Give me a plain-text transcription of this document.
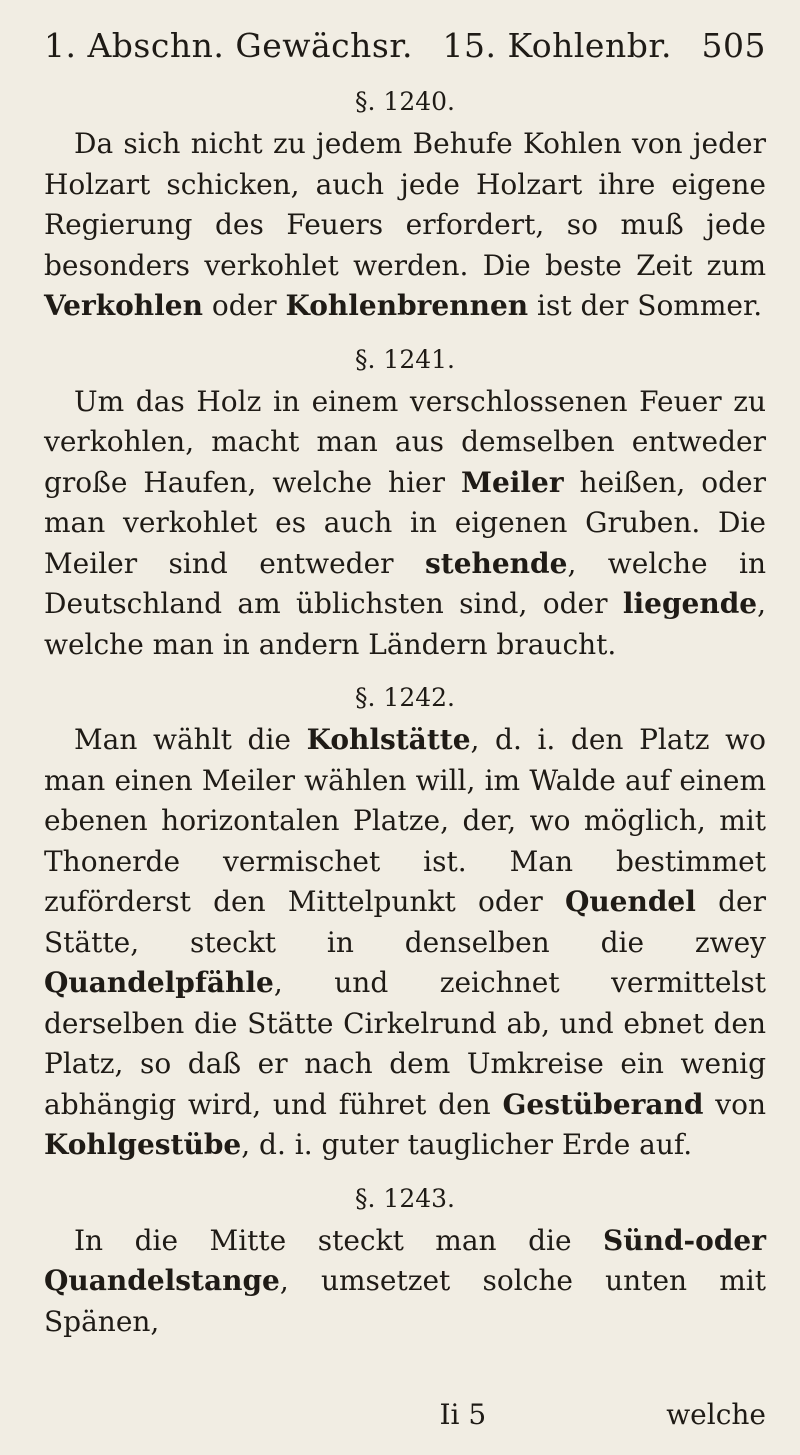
1. Abschn. Gewächsr. 15. Kohlenbr. 505
§. 1240.

Da sich nicht zu jedem Behufe Kohlen von jeder Holzart schicken, auch jede Holzart ihre eigene Regierung des Feuers erfordert, so muß jede besonders verkohlet werden. Die beste Zeit zum Verkohlen oder Kohlenbrennen ist der Sommer.

§. 1241.

Um das Holz in einem verschlossenen Feuer zu verkohlen, macht man aus demselben entweder große Haufen, welche hier Meiler heißen, oder man verkohlet es auch in eigenen Gruben. Die Meiler sind entweder stehende, welche in Deutschland am üblichsten sind, oder liegende, welche man in andern Ländern braucht.

§. 1242.

Man wählt die Kohlstätte, d. i. den Platz wo man einen Meiler wählen will, im Walde auf einem ebenen horizontalen Platze, der, wo möglich, mit Thonerde vermischet ist. Man bestimmet zuförderst den Mittelpunkt oder Quendel der Stätte, steckt in denselben die zwey Quandelpfähle, und zeichnet vermittelst derselben die Stätte Cirkelrund ab, und ebnet den Platz, so daß er nach dem Umkreise ein wenig abhängig wird, und führet den Gestüberand von Kohlgestübe, d. i. guter tauglicher Erde auf.

§. 1243.

In die Mitte steckt man die Sünd-oder Quandelstange, umsetzet solche unten mit Spänen,

Ii 5	welche
